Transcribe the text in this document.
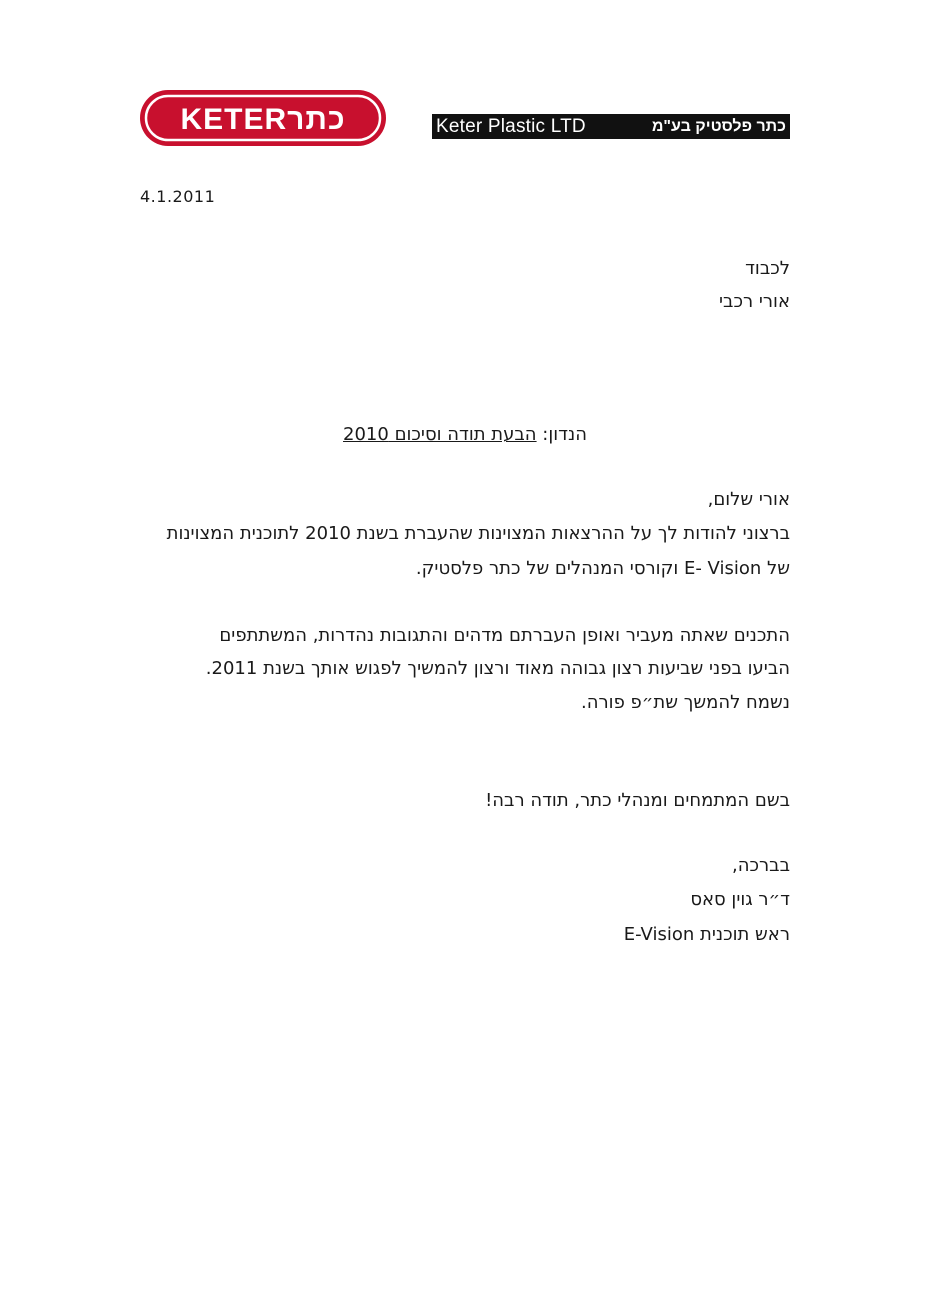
KETERכתר	Keter Plastic LTD	כתר פלסטיק בע"מ
4.1.2011
לכבוד
אורי רכבי
הנדון: הבעת תודה וסיכום 2010
אורי שלום,
ברצוני להודות לך על ההרצאות המצוינות שהעברת בשנת 2010 לתוכנית המצוינות
של E- Vision וקורסי המנהלים של כתר פלסטיק.
התכנים שאתה מעביר ואופן העברתם מדהים והתגובות נהדרות, המשתתפים
הביעו בפני שביעות רצון גבוהה מאוד ורצון להמשיך לפגוש אותך בשנת 2011.
נשמח להמשך שת״פ פורה.
בשם המתמחים ומנהלי כתר, תודה רבה!
בברכה,
ד״ר גוין סאס
ראש תוכנית E-Vision
